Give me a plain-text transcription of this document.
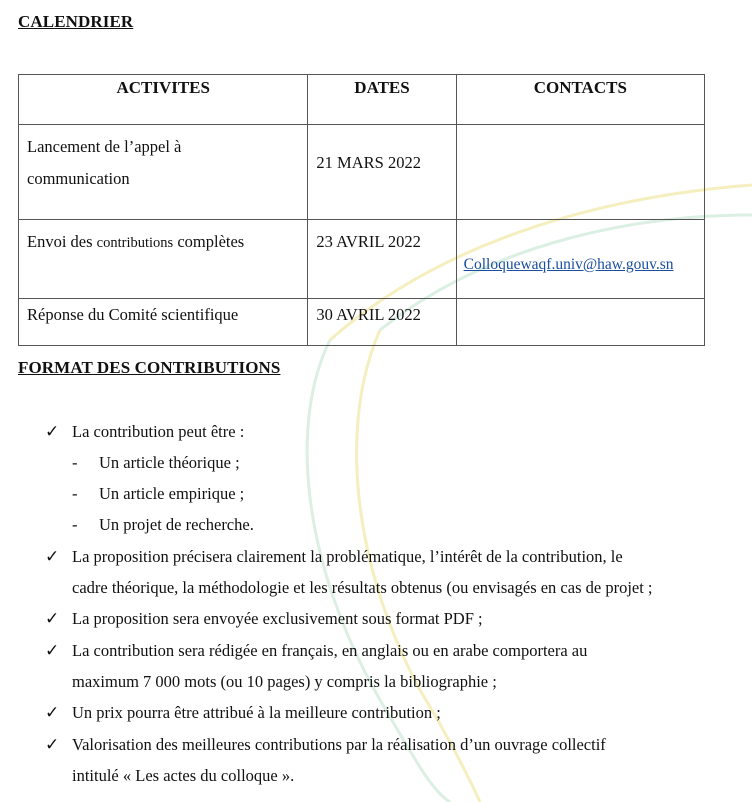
CALENDRIER
ACTIVITES	DATES	CONTACTS
Lancement de l’appel à
communication	21 MARS 2022	
Envoi des contributions complètes	23 AVRIL 2022	Colloquewaqf.univ@haw.gouv.sn
Réponse du Comité scientifique	30 AVRIL 2022	
FORMAT DES CONTRIBUTIONS
✓ La contribution peut être :
- Un article théorique ;
- Un article empirique ;
- Un projet de recherche.
✓ La proposition précisera clairement la problématique, l’intérêt de la contribution, le
cadre théorique, la méthodologie et les résultats obtenus (ou envisagés en cas de projet ;
✓ La proposition sera envoyée exclusivement sous format PDF ;
✓ La contribution sera rédigée en français, en anglais ou en arabe comportera au
maximum 7 000 mots (ou 10 pages) y compris la bibliographie ;
✓ Un prix pourra être attribué à la meilleure contribution ;
✓ Valorisation des meilleures contributions par la réalisation d’un ouvrage collectif
intitulé « Les actes du colloque ».
